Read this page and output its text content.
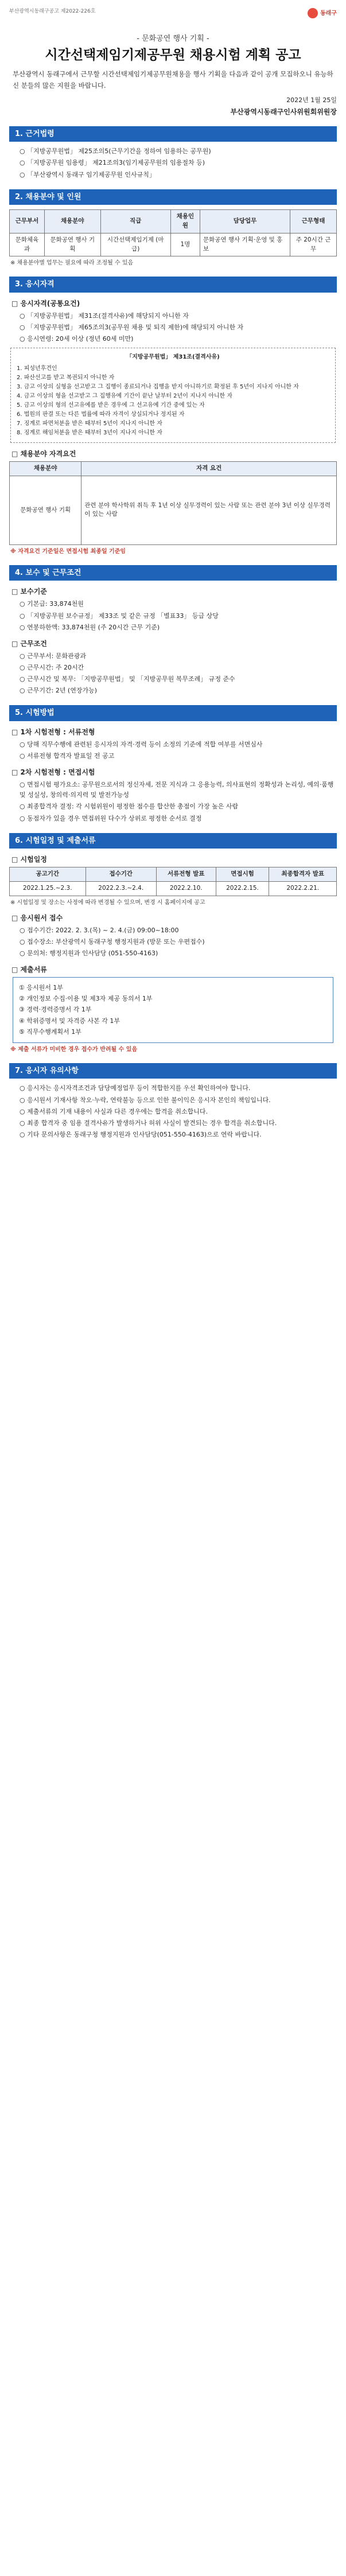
부산광역시동래구공고 제2022-226호	동래구
- 문화공연 행사 기획 -
시간선택제임기제공무원 채용시험 계획 공고
부산광역시 동래구에서 근무할 시간선택제임기제공무원채용을 행사 기획을 다음과 같이 공개 모집하오니 유능하신 분들의 많은 지원을 바랍니다.
2022년 1월 25일
부산광역시동래구인사위원회위원장
1. 근거법령
○ 「지방공무원법」 제25조의5(근무기간을 정하여 임용하는 공무원)
○ 「지방공무원 임용령」 제21조의3(임기제공무원의 임용절차 등)
○ 「부산광역시 동래구 임기제공무원 인사규칙」
2. 채용분야 및 인원
근무부서	채용분야	직급	채용인원	담당업무	근무형태
문화체육과	문화공연 행사 기획	시간선택제임기제 (마급)	1명	문화공연 행사 기획·운영 및 홍보	주 20시간 근무
※ 채용분야별 업무는 필요에 따라 조정될 수 있음
3. 응시자격
□ 응시자격(공통요건)
○ 「지방공무원법」 제31조(결격사유)에 해당되지 아니한 자
○ 「지방공무원법」 제65조의3(공무원 채용 및 퇴직 제한)에 해당되지 아니한 자
○ 응시연령: 20세 이상 (정년 60세 미만)
「지방공무원법」 제31조(결격사유)
1. 피성년후견인
2. 파산선고를 받고 복권되지 아니한 자
3. 금고 이상의 실형을 선고받고 그 집행이 종료되거나 집행을 받지 아니하기로 확정된 후 5년이 지나지 아니한 자
4. 금고 이상의 형을 선고받고 그 집행유예 기간이 끝난 날부터 2년이 지나지 아니한 자
5. 금고 이상의 형의 선고유예를 받은 경우에 그 선고유예 기간 중에 있는 자
6. 법원의 판결 또는 다른 법률에 따라 자격이 상실되거나 정지된 자
7. 징계로 파면처분을 받은 때부터 5년이 지나지 아니한 자
8. 징계로 해임처분을 받은 때부터 3년이 지나지 아니한 자
□ 채용분야 자격요건
채용분야	자격 요건
문화공연 행사 기획	관련 분야 학사학위 취득 후 1년 이상 실무경력이 있는 사람 또는 관련 분야 3년 이상 실무경력이 있는 사람
※ 자격요건 기준일은 면접시험 최종일 기준임
4. 보수 및 근무조건
□ 보수기준
○ 기본급: 33,874천원
○ 「지방공무원 보수규정」 제33조 및 같은 규정 「별표33」 등급 상당
○ 연봉하한액: 33,874천원 (주 20시간 근무 기준)
□ 근무조건
○ 근무부서: 문화관광과
○ 근무시간: 주 20시간
○ 근무시간 및 복무: 「지방공무원법」 및 「지방공무원 복무조례」 규정 준수
○ 근무기간: 2년 (연장가능)
5. 시험방법
□ 1차 시험전형 : 서류전형
○ 당해 직무수행에 관련된 응시자의 자격·경력 등이 소정의 기준에 적합 여부를 서면심사
○ 서류전형 합격자 발표일 전 공고
□ 2차 시험전형 : 면접시험
○ 면접시험 평가요소: 공무원으로서의 정신자세, 전문 지식과 그 응용능력, 의사표현의 정확성과 논리성, 예의·품행 및 성실성, 창의력·의지력 및 발전가능성
○ 최종합격자 결정: 각 시험위원이 평정한 점수를 합산한 총점이 가장 높은 사람
○ 동점자가 있을 경우 면접위원 다수가 상위로 평정한 순서로 결정
6. 시험일정 및 제출서류
□ 시험일정
공고기간	접수기간	서류전형 발표	면접시험	최종합격자 발표
2022.1.25.~2.3.	2022.2.3.~2.4.	2022.2.10.	2022.2.15.	2022.2.21.
※ 시험일정 및 장소는 사정에 따라 변경될 수 있으며, 변경 시 홈페이지에 공고
□ 응시원서 접수
○ 접수기간: 2022. 2. 3.(목) ~ 2. 4.(금) 09:00~18:00
○ 접수장소: 부산광역시 동래구청 행정지원과 (방문 또는 우편접수)
○ 문의처: 행정지원과 인사담당 (051-550-4163)
□ 제출서류
① 응시원서 1부
② 개인정보 수집·이용 및 제3자 제공 동의서 1부
③ 경력·경력증명서 각 1부
④ 학위증명서 및 자격증 사본 각 1부
⑤ 직무수행계획서 1부
※ 제출 서류가 미비한 경우 접수가 반려될 수 있음
7. 응시자 유의사항
○ 응시자는 응시자격조건과 담당예정업무 등이 적합한지를 우선 확인하여야 합니다.
○ 응시원서 기재사항 착오·누락, 연락불능 등으로 인한 불이익은 응시자 본인의 책임입니다.
○ 제출서류의 기재 내용이 사실과 다른 경우에는 합격을 취소합니다.
○ 최종 합격자 중 임용 결격사유가 발생하거나 허위 사실이 발견되는 경우 합격을 취소합니다.
○ 기타 문의사항은 동래구청 행정지원과 인사담당(051-550-4163)으로 연락 바랍니다.
